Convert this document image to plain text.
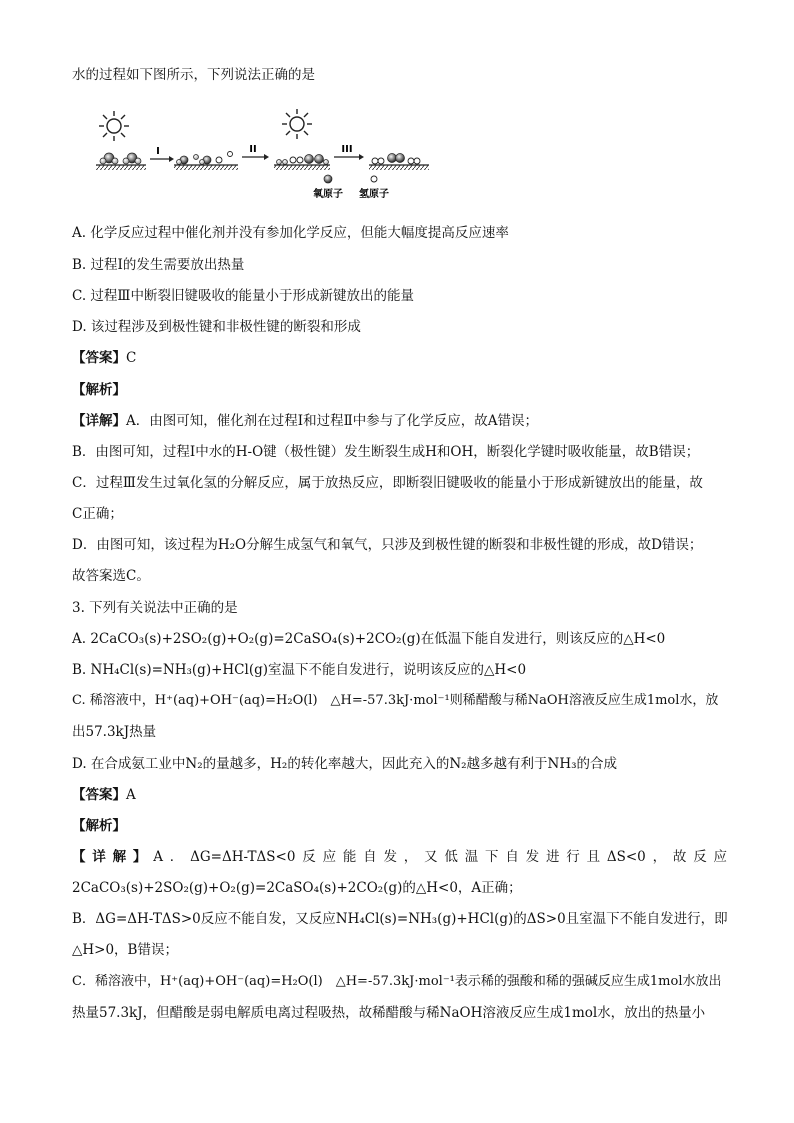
水的过程如下图所示，下列说法正确的是
I	II	III
氧原子 氢原子
A. 化学反应过程中催化剂并没有参加化学反应，但能大幅度提高反应速率
B. 过程Ⅰ的发生需要放出热量
C. 过程Ⅲ中断裂旧键吸收的能量小于形成新键放出的能量
D. 该过程涉及到极性键和非极性键的断裂和形成
【答案】C
【解析】
【详解】A．由图可知，催化剂在过程Ⅰ和过程Ⅱ中参与了化学反应，故A错误；
B．由图可知，过程Ⅰ中水的H-O键（极性键）发生断裂生成H和OH，断裂化学键时吸收能量，故B错误；
C．过程Ⅲ发生过氧化氢的分解反应，属于放热反应，即断裂旧键吸收的能量小于形成新键放出的能量，故
C正确；
D．由图可知，该过程为H₂O分解生成氢气和氧气，只涉及到极性键的断裂和非极性键的形成，故D错误；
故答案选C。
3. 下列有关说法中正确的是
A. 2CaCO₃(s)+2SO₂(g)+O₂(g)=2CaSO₄(s)+2CO₂(g)在低温下能自发进行，则该反应的△H<0
B. NH₄Cl(s)=NH₃(g)+HCl(g)室温下不能自发进行，说明该反应的△H<0
C. 稀溶液中，H⁺(aq)+OH⁻(aq)=H₂O(l)　△H=-57.3kJ·mol⁻¹则稀醋酸与稀NaOH溶液反应生成1mol水，放
出57.3kJ热量
D. 在合成氨工业中N₂的量越多，H₂的转化率越大，因此充入的N₂越多越有利于NH₃的合成
【答案】A
【解析】
【详解】A．ΔG=ΔH-TΔS<0反应能自发，又低温下自发进行且ΔS<0，故反应
2CaCO₃(s)+2SO₂(g)+O₂(g)=2CaSO₄(s)+2CO₂(g)的△H<0，A正确；
B．ΔG=ΔH-TΔS>0反应不能自发，又反应NH₄Cl(s)=NH₃(g)+HCl(g)的ΔS>0且室温下不能自发进行，即
△H>0，B错误；
C．稀溶液中，H⁺(aq)+OH⁻(aq)=H₂O(l)　△H=-57.3kJ·mol⁻¹表示稀的强酸和稀的强碱反应生成1mol水放出
热量57.3kJ，但醋酸是弱电解质电离过程吸热，故稀醋酸与稀NaOH溶液反应生成1mol水，放出的热量小
